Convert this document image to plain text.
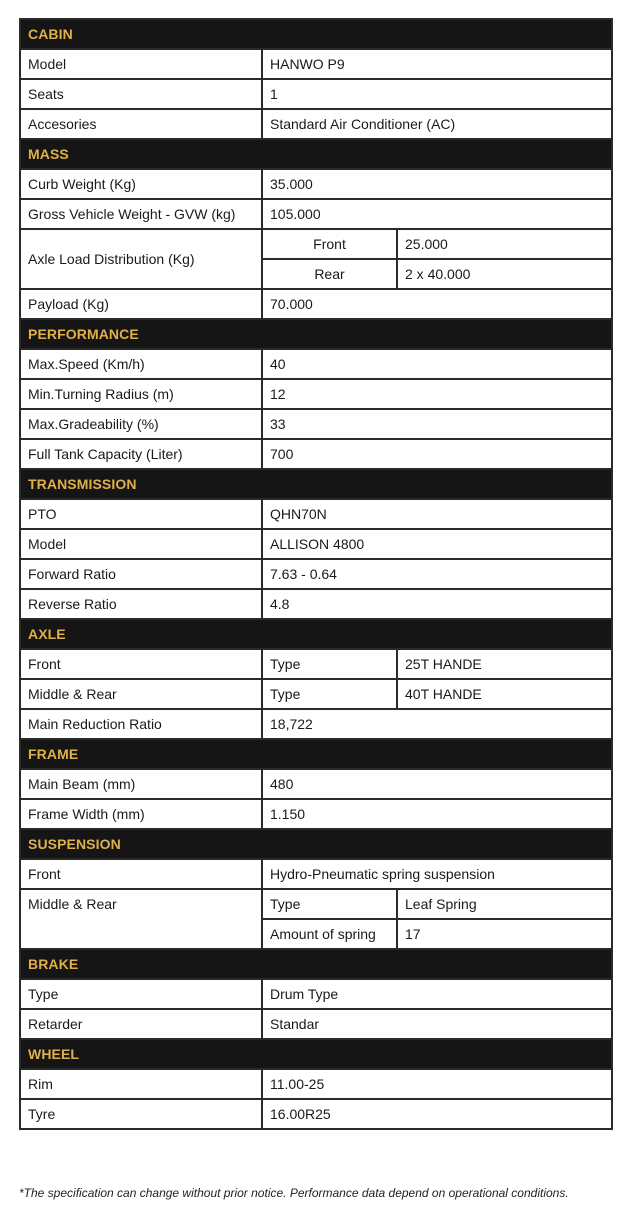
CABIN		
Model	HANWO P9	
Seats	1	
Accesories	Standard Air Conditioner (AC)	
MASS		
Curb Weight (Kg)	35.000	
Gross Vehicle Weight - GVW (kg)	105.000	
Axle Load Distribution (Kg)	Front	25.000
	Rear	2 x 40.000
Payload (Kg)	70.000	
PERFORMANCE		
Max.Speed (Km/h)	40	
Min.Turning Radius (m)	12	
Max.Gradeability (%)	33	
Full Tank Capacity (Liter)	700	
TRANSMISSION		
PTO	QHN70N	
Model	ALLISON 4800	
Forward Ratio	7.63 - 0.64	
Reverse Ratio	4.8	
AXLE		
Front	Type	25T HANDE
Middle & Rear	Type	40T HANDE
Main Reduction Ratio	18,722	
FRAME		
Main Beam (mm)	480	
Frame Width (mm)	1.150	
SUSPENSION		
Front	Hydro-Pneumatic spring suspension	
Middle & Rear	Type	Leaf Spring
	Amount of spring	17
BRAKE		
Type	Drum Type	
Retarder	Standar	
WHEEL		
Rim	11.00-25	
Tyre	16.00R25	
*The specification can change without prior notice. Performance data depend on operational conditions.
